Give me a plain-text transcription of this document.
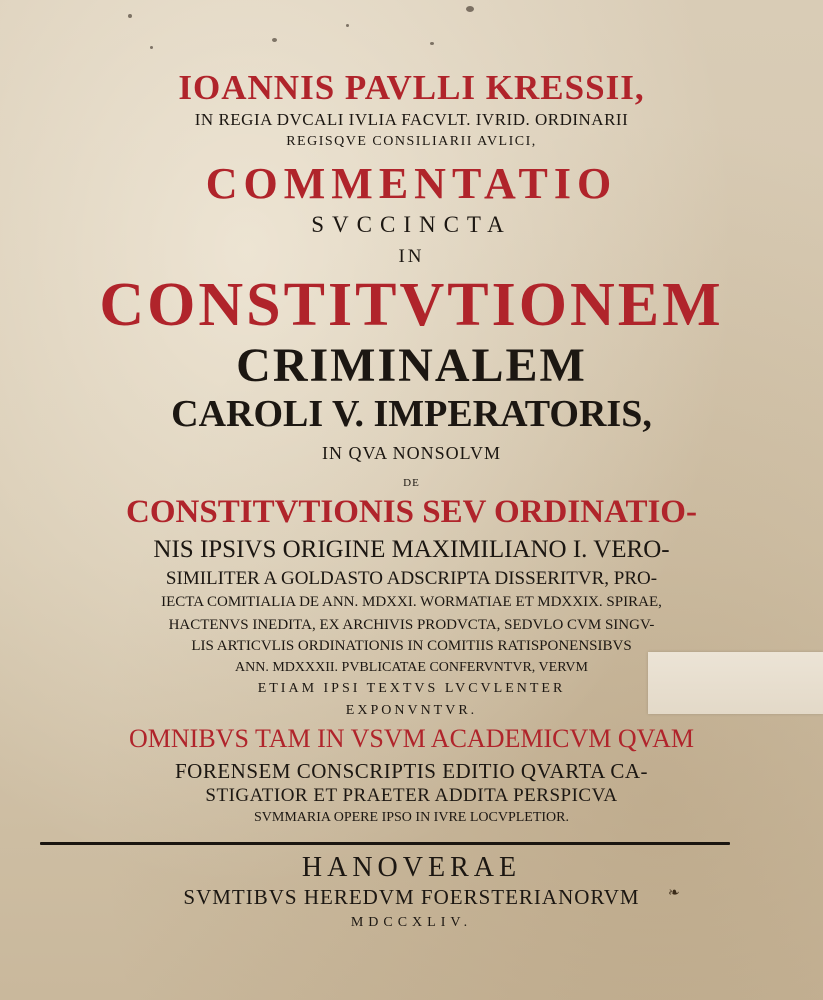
IOANNIS PAVLLI KRESSII,
IN REGIA DVCALI IVLIA FACVLT. IVRID. ORDINARII
REGISQVE CONSILIARII AVLICI,
COMMENTATIO
SVCCINCTA
IN
CONSTITVTIONEM
CRIMINALEM
CAROLI V. IMPERATORIS,
IN QVA NONSOLVM
DE
CONSTITVTIONIS SEV ORDINATIO-
NIS IPSIVS ORIGINE MAXIMILIANO I. VERO-
SIMILITER A GOLDASTO ADSCRIPTA DISSERITVR, PRO-
IECTA COMITIALIA DE ANN. MDXXI. WORMATIAE ET MDXXIX. SPIRAE,
HACTENVS INEDITA, EX ARCHIVIS PRODVCTA, SEDVLO CVM SINGV-
LIS ARTICVLIS ORDINATIONIS IN COMITIIS RATISPONENSIBVS
ANN. MDXXXII. PVBLICATAE CONFERVNTVR, VERVM
ETIAM IPSI TEXTVS LVCVLENTER
EXPONVNTVR.
OMNIBVS TAM IN VSVM ACADEMICVM QVAM
FORENSEM CONSCRIPTIS EDITIO QVARTA CA-
STIGATIOR ET PRAETER ADDITA PERSPICVA
SVMMARIA OPERE IPSO IN IVRE LOCVPLETIOR.
HANOVERAE
SVMTIBVS HEREDVM FOERSTERIANORVM
MDCCXLIV.
❧
